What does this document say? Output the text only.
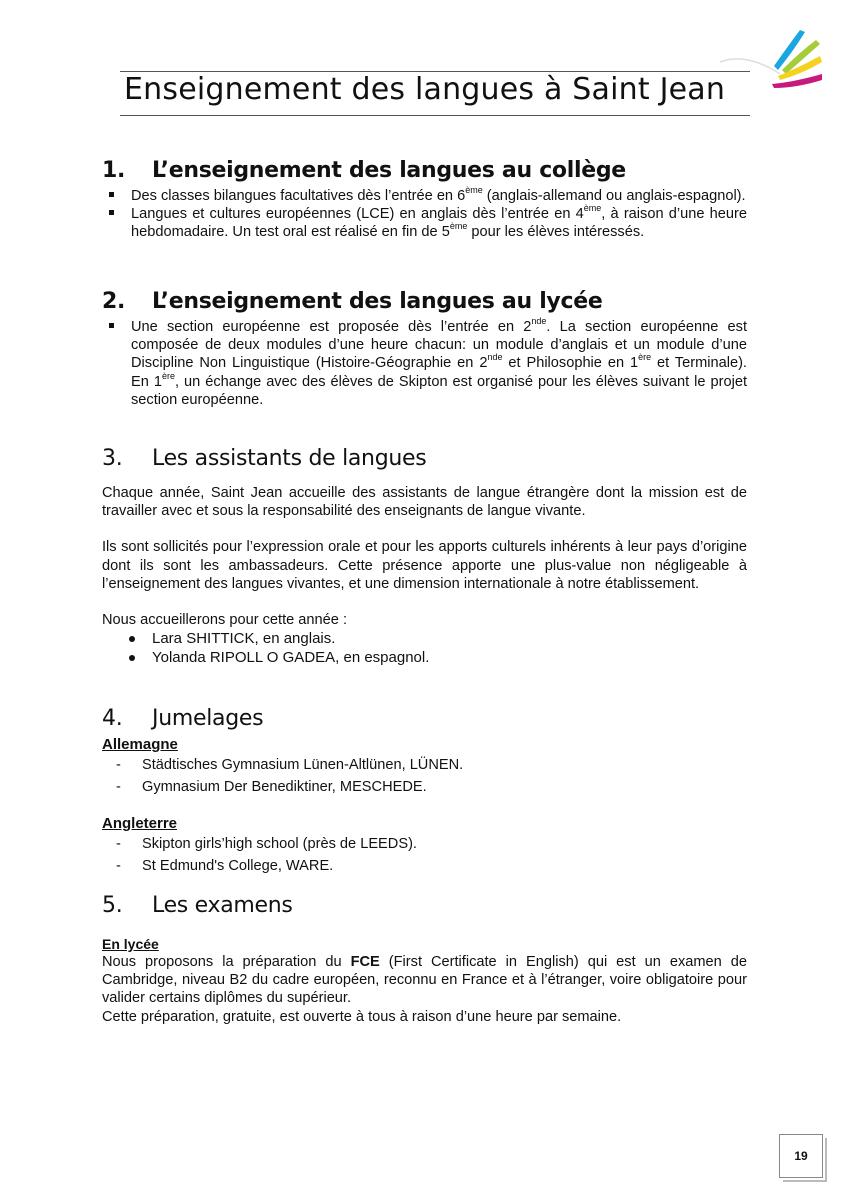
Enseignement des langues à Saint Jean
1. L’enseignement des langues au collège

Des classes bilangues facultatives dès l’entrée en 6ème (anglais-allemand ou anglais-espagnol).

Langues et cultures européennes (LCE) en anglais dès l’entrée en 4ème, à raison d’une heure hebdomadaire. Un test oral est réalisé en fin de 5ème pour les élèves intéressés.

2. L’enseignement des langues au lycée

Une section européenne est proposée dès l’entrée en 2nde. La section européenne est composée de deux modules d’une heure chacun: un module d’anglais et un module d’une Discipline Non Linguistique (Histoire-Géographie en 2nde et Philosophie en 1ère et Terminale). En 1ère, un échange avec des élèves de Skipton est organisé pour les élèves suivant le projet section européenne.

3. Les assistants de langues

Chaque année, Saint Jean accueille des assistants de langue étrangère dont la mission est de travailler avec et sous la responsabilité des enseignants de langue vivante.

Ils sont sollicités pour l’expression orale et pour les apports culturels inhérents à leur pays d’origine dont ils sont les ambassadeurs. Cette présence apporte une plus-value non négligeable à l’enseignement des langues vivantes, et une dimension internationale à notre établissement.

Nous accueillerons pour cette année :

Lara SHITTICK, en anglais.

Yolanda RIPOLL O GADEA, en espagnol.

4. Jumelages
Allemagne

- Städtisches Gymnasium Lünen-Altlünen, LÜNEN.

- Gymnasium Der Benediktiner, MESCHEDE.

Angleterre

- Skipton girls’high school (près de LEEDS).

- St Edmund's College, WARE.

5. Les examens
En lycée

Nous proposons la préparation du FCE (First Certificate in English) qui est un examen de Cambridge, niveau B2 du cadre européen, reconnu en France et à l’étranger, voire obligatoire pour valider certains diplômes du supérieur.

Cette préparation, gratuite, est ouverte à tous à raison d’une heure par semaine.

19
